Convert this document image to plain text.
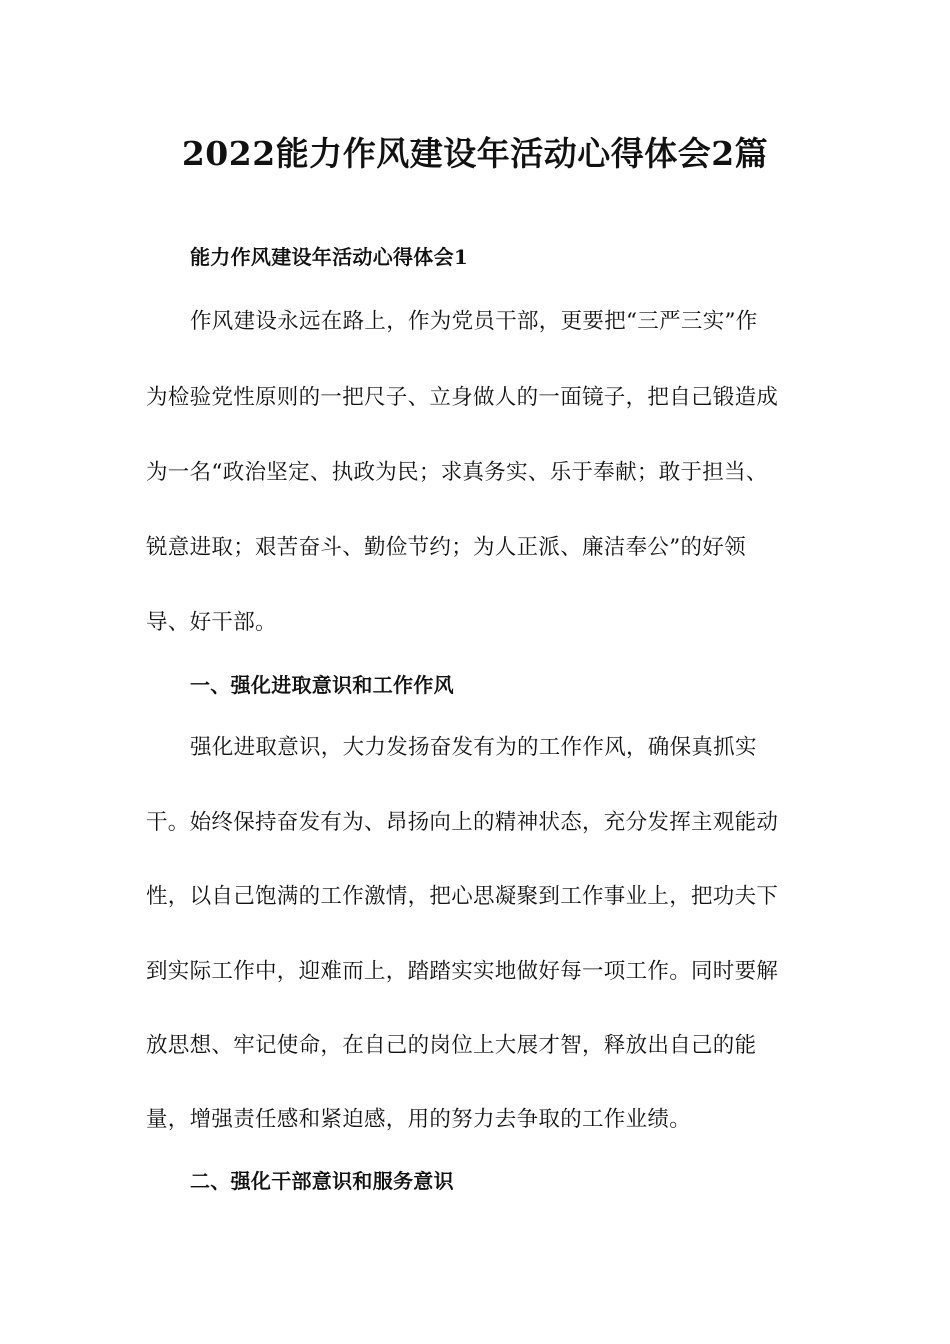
2022能力作风建设年活动心得体会2篇

能力作风建设年活动心得体会1

作风建设永远在路上，作为党员干部，更要把“三严三实”作

为检验党性原则的一把尺子、立身做人的一面镜子，把自己锻造成

为一名“政治坚定、执政为民；求真务实、乐于奉献；敢于担当、

锐意进取；艰苦奋斗、勤俭节约；为人正派、廉洁奉公”的好领

导、好干部。

一、强化进取意识和工作作风

强化进取意识，大力发扬奋发有为的工作作风，确保真抓实

干。始终保持奋发有为、昂扬向上的精神状态，充分发挥主观能动

性，以自己饱满的工作激情，把心思凝聚到工作事业上，把功夫下

到实际工作中，迎难而上，踏踏实实地做好每一项工作。同时要解

放思想、牢记使命，在自己的岗位上大展才智，释放出自己的能

量，增强责任感和紧迫感，用的努力去争取的工作业绩。

二、强化干部意识和服务意识
